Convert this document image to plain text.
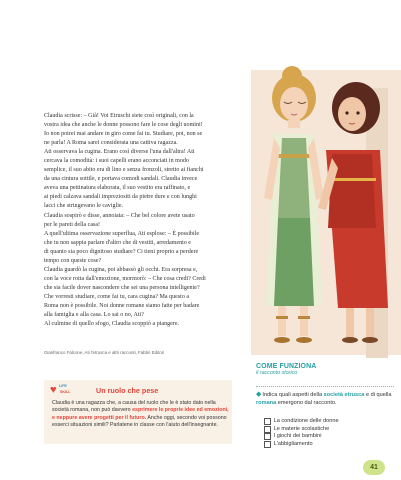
Claudia scrisse: – Già! Voi Etruschi siete così originali, con la

vostra idea che anche le donne possono fare le cose degli uomini!

Io non potrei mai andare in giro come fai tu. Studiare, poi, non se

ne parla! A Roma sarei considerata una cattiva ragazza.

Ati osservava la cugina. Erano così diverse l'una dall'altra! Ati

cercava la comodità: i suoi capelli erano acconciati in modo

semplice, il suo abito era di lino e senza fronzoli, stretto ai fianchi

da una cintura sottile, e portava comodi sandali. Claudia invece

aveva una pettinatura elaborata, il suo vestito era raffinato, e

ai piedi calzava sandali impreziositi da pietre dure e con lunghi

lacci che stringevano le caviglie.

Claudia sospirò e disse, annoiata: – Che bel colore avete usato

per le pareti della casa!

A quell'ultima osservazione superflua, Ati esplose: – È possibile

che tu non sappia parlare d'altro che di vestiti, arredamento e

di quanto sia poco dignitoso studiare? Ci tieni proprio a perdere

tempo con queste cose?

Claudia guardò la cugina, poi abbassò gli occhi. Era sorpresa e,

con la voce rotta dall'emozione, mormorò: – Che cosa credi? Credi

che sia facile dover nascondere che sei una persona intelligente?

Che vorresti studiare, come fai tu, cara cugina? Ma questo a

Roma non è possibile. Noi donne romane siamo fatte per badare

alla famiglia e alla casa. Lo sai o no, Ati?

Al culmine di quello sfogo, Claudia scoppiò a piangere.

Gianfranco Falcone, Ati l'etrusca e altri racconti, Fabbri Editori
♥ LIFE
SKILL	Un ruolo che pese
Claudia è una ragazza che, a causa del ruolo che le è stato dato nella società romana, non può davvero esprimere le proprie idee ed emozioni, e neppure avere progetti per il futuro. Anche oggi, secondo voi possono esserci situazioni simili? Parlatene in classe con l'aiuto dell'insegnante.
COME FUNZIONA
il racconto storico
◆Indica quali aspetti della società etrusca e di quella romana emergono dal racconto.
La condizione delle donne
Le materie scolastiche
I giochi dei bambini
L'abbigliamento
41
